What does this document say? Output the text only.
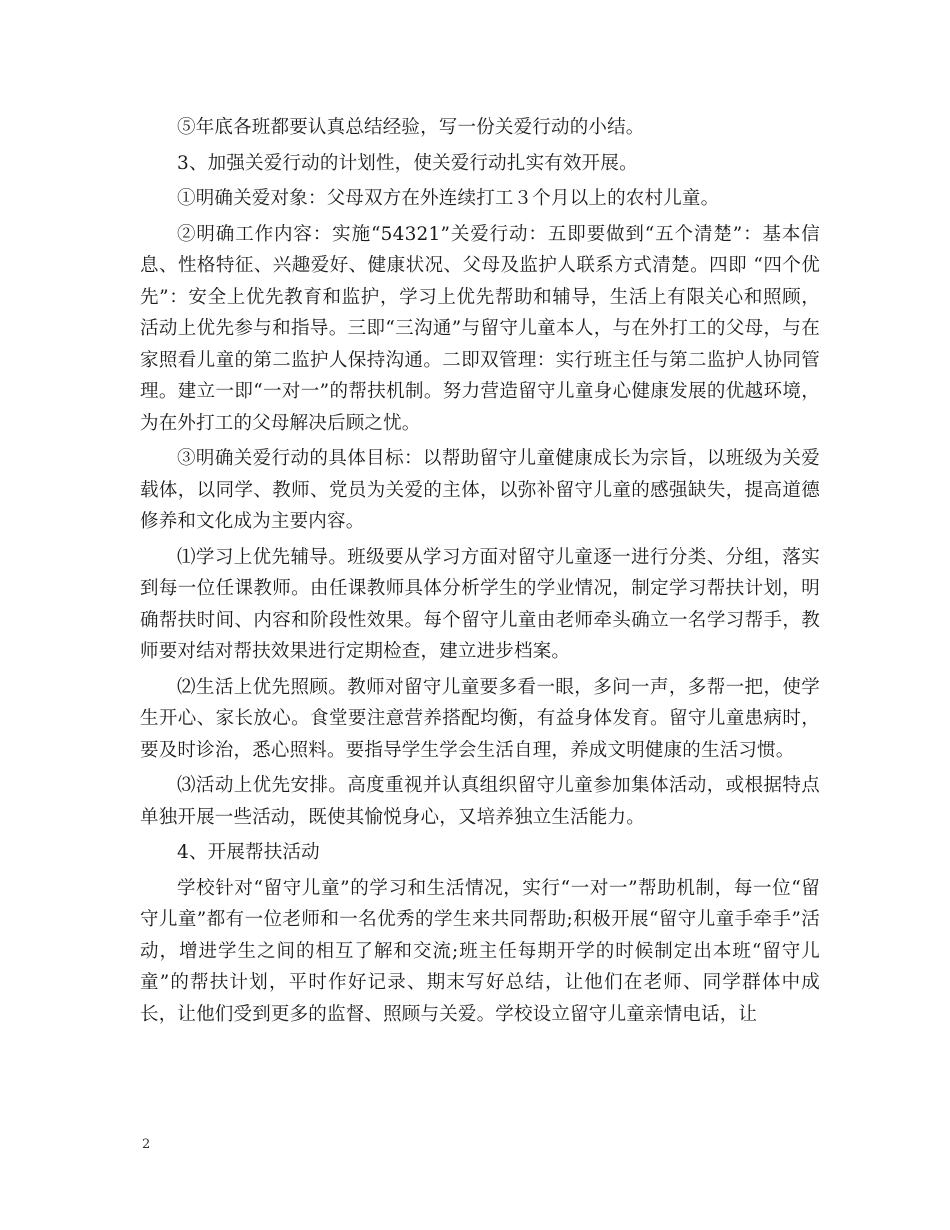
⑤年底各班都要认真总结经验，写一份关爱行动的小结。

3、加强关爱行动的计划性，使关爱行动扎实有效开展。

①明确关爱对象：父母双方在外连续打工３个月以上的农村儿童。

②明确工作内容：实施“54321”关爱行动：五即要做到“五个清楚”：基本信息、性格特征、兴趣爱好、健康状况、父母及监护人联系方式清楚。四即 “四个优先”：安全上优先教育和监护，学习上优先帮助和辅导，生活上有限关心和照顾，活动上优先参与和指导。三即“三沟通”与留守儿童本人，与在外打工的父母，与在家照看儿童的第二监护人保持沟通。二即双管理：实行班主任与第二监护人协同管理。建立一即“一对一”的帮扶机制。努力营造留守儿童身心健康发展的优越环境，为在外打工的父母解决后顾之忧。

③明确关爱行动的具体目标：以帮助留守儿童健康成长为宗旨，以班级为关爱载体，以同学、教师、党员为关爱的主体，以弥补留守儿童的感强缺失，提高道德修养和文化成为主要内容。

⑴学习上优先辅导。班级要从学习方面对留守儿童逐一进行分类、分组，落实到每一位任课教师。由任课教师具体分析学生的学业情况，制定学习帮扶计划，明确帮扶时间、内容和阶段性效果。每个留守儿童由老师牵头确立一名学习帮手，教师要对结对帮扶效果进行定期检查，建立进步档案。

⑵生活上优先照顾。教师对留守儿童要多看一眼，多问一声，多帮一把，使学生开心、家长放心。食堂要注意营养搭配均衡，有益身体发育。留守儿童患病时，要及时诊治，悉心照料。要指导学生学会生活自理，养成文明健康的生活习惯。

⑶活动上优先安排。高度重视并认真组织留守儿童参加集体活动，或根据特点单独开展一些活动，既使其愉悦身心，又培养独立生活能力。

4、开展帮扶活动

学校针对“留守儿童”的学习和生活情况，实行“一对一”帮助机制，每一位“留守儿童”都有一位老师和一名优秀的学生来共同帮助;积极开展“留守儿童手牵手”活动，增进学生之间的相互了解和交流;班主任每期开学的时候制定出本班“留守儿童”的帮扶计划，平时作好记录、期末写好总结，让他们在老师、同学群体中成长，让他们受到更多的监督、照顾与关爱。学校设立留守儿童亲情电话，让

2
